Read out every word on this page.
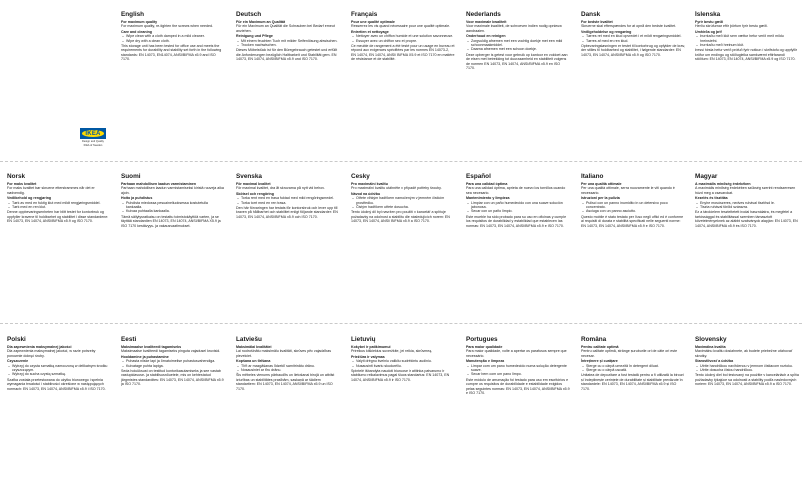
IKEA
Design and Quality
IKEA of Sweden
English
For maximum quality
For maximum quality, re-tighten the screws when needed.
Care and cleaning
– Wipe clean with a cloth damped in a mild cleaner.
– Wipe dry with a clean cloth.
This storage unit has been tested for office use and meets the requirements for durability and stability set forth in the following standards: EN 14073, EN14074, ANSI/BIFMA x5.9 and ISO 7170.
Deutsch
Für ein Maximum an Qualität
Für ein Maximum an Qualität die Schrauben bei Bedarf erneut anziehen.
Reinigung und Pflege
– Mit einem feuchten Tuch mit milder Seifenlösung abwischen.
– Trocken nachwischen.
Dieses Möbelstück ist für den Büregebrauch getestet und erfüllt die Anforderungen bezüglich Haltbarkeit und Stabilität gem. EN 14073, EN 14074, ANSI/BIFMA x5.9 und ISO 7170.
Français
Pour une qualité optimale
Resserrez les vis quand nécessaire pour une qualité optimale.
Entretien et nettoyage
– Nettoyer avec un chiffon humide et une solution savonneuse.
– Essuyer avec un chiffon sec et propre.
Ce meuble de rangement a été testé pour un usage en bureau et répond aux exigences spécifiées par les normes EN 14073-2, EN 14074, EN 14074, ANSI/ BIFMA X5.9 et ISO 7170 en matière de résistance et de stabilité.
Nederlands
Voor maximale kwaliteit
Voor maximale kwaliteit, de schroeven indien nodig opnieuw aandraaien.
Onderhoud en reinigen
– Zorgvuldig afnemen met een vochtig doekje met een mild schoonmaakmiddel.
– Daarna afnemen met een schoon doekje.
Deze opberger is getest voor gebruik op kantoor en voldoet aan de eisen met betrekking tot duurzaamheid en stabiliteit volgens de normen EN 14073, EN 14074, ANSI/BIFMA x5.9 en ISO 7170.
Dansk
For bedste kvalitet
Skruerne skal efterspændes for at opnå den bedste kvalitet.
Vedligeholdelse og rengøring
– Tørres ret med en klud opvredet i et mildt rengøringsmiddel.
– Tørres af med en ren klud.
Opbevaringsløsningen er testet til kontorbrug og opfylder de krav, der stilles til holdbarhed og stabilitet, i følgende standarder: EN 14073, EN 14074, ANSI/BIFMA x5.9 og ISO 7170.
Íslenska
Fyrir bestu gæði
Herðu skrúfurnar eftir þörfum fyrir bestu gæði.
Umhirða og þrif
– Þurrkaðu með klút sem vættur hefur verið með mildu hreinsiefni.
– Þurrkaðu með hreinum klút.
Þessi hirsla hefur verið prófuð fyrir notkun í skrifstofu og uppfyllir kröfur um endingu og stöðugleika samkvæmt eftirfarandi stöðlum: EN 14073, EN 14074, ANSI/BIFMA x5.9 og ISO 7170.
Norsk
For maks kvalitet
For maks kvalitet bør skruene etterstrammes når det er nødvendig.
Vedlikehold og rengjøring
– Tørk av med en fuktig klut med mildt rengjøringsmiddel.
– Tørk med en ren klut.
Denne oppbevaringsenheten har blitt testet for kontorbruk og oppfyller kravene til holdbarhet og stabilitet i disse standardene: EN 14073, EN 14074, ANSI/BIFMA x5.9 og ISO 7170.
Suomi
Parhaan mahdollisen laadun varmistaminen
Parhaan mahdollisen laadun varmistamiseksi kiristä ruuveja aika ajoin.
Hoito ja puhdistus
– Puhdista miedossa pesuaineliuoksessa kostutetulla kankaalla.
– Kuivaa puhtaalla kankaalla.
Tämä säilytysratkaisu on testattu toimistokäyttöä varten, ja se täyttää standardien EN 14073, EN 14074, ANSI/BIFMA X5.9 ja ISO 7170 kestävyys- ja vakausvaatimukset.
Svenska
För maximal kvalitet
För maximal kvalitet, dra åt skruvarna på nytt vid behov.
Skötsel och rengöring
– Torka rent med en trasa fuktad med mild rengöringsmedel.
– Torka torrt med en ren trasa.
Den här förvaringen har testats för kontorsbruk och lever upp till kraven på hållbarhet och stabilitet enligt följande standarder: EN 14073, EN 14074, ANSI/BIFMA x5.9 och ISO 7170.
Česky
Pro maximální kvalitu
Pro maximální kvalitu utáhněte v případě potřeby šrouby.
Návod na údržbu
– Otřete vlhkým hadříkem namočeným v jemném čisticím prostředku.
– Čistým hadříkem utřete dosucha.
Tento úložný díl byl navržen pro použití v kancelář a splňuje požadavky na odolnost a stabilitu dle následujících norem: EN 14073, EN 14074, ANSI/ BIFMA x5.9 a ISO 7170.
Español
Para una calidad óptima
Para una calidad óptima, aprieta de nuevo los tornillos cuando sea necesario.
Mantenimiento y limpieza
– Limpiar con un paño humedecido con una suave solución jabonosa.
– Secar con un paño limpio.
Este mueble ha sido probado para su uso en oficinas y cumple los requisitos de durabilidad y estabilidad que establecen las normas: EN 14073, EN 14074, ANSI/BIFMA x5.9 e ISO 7170.
Italiano
Per una qualità ottimale
Per una qualità ottimale, serra nuovamente le viti quando è necessario.
Istruzioni per la pulizia
– Pulisci con un panno inumidito in un detersivo poco concentrato.
– Asciuga con un panno asciutto.
Questo mobile è stato testato per l'uso negli uffici ed è conforme ai requisiti di durata e stabilità specificati nelle seguenti norme: EN 14073, EN 14074, ANSI/BIFMA x5.9 e ISO 7170.
Magyar
A maximális minőség érdekében
A maximális minőség érdekében szükség szerint rendszeresen húzd meg a csavarokat.
Kezelés és tisztítás
– Enyhe mosószeres, nedves ruhával tisztítsd le.
– Tiszta ruhával töröld szárazra.
Ez a tárolóelem teszteltetett irodai használatra, és megfelel a tartóssággal és stabilitással szemben támasztott követelményeknek az alábbi szabványok alapján: EN 14073, EN 14074, ANSI/BIFMA x5.9 és ISO 7170.
Polski
Dla zapewnienia maksymalnej jakości
Dla zapewnienia maksymalnej jakości, w razie potrzeby ponownie dokręć śruby.
Czyszczenie
– Wytrzyj do czysta szmatką namoczoną w delikatnym środku czyszczącym.
– Wytrzyj do sucha czystą szmatką.
Szafka została przetestowana do użytku biurowego i spełnia wymagania trwałości i stabilności określone w następujących normach: EN 14073, EN 14074, ANSI/BIFMA x5.9 i ISO 7170.
Eesti
Maksimaalse kvaliteedi tagamiseks
Maksimaalse kvaliteedi tagamiseks pinguta vajadusel kruvisid.
Hooldamine ja puhastamine
– Puhasta niiske lapi ja õrnatoimelise puhastusvahendiga.
– Kuivatage puhta lapiga.
Seda hoiuüksust on testitud kontorikasutamiseks ja see vastab vastupidavuse- ja stabiilsusnõuetele, mis on kehtestatud järgmistes standardites: EN 14073, EN 14074, ANSI/BIFMA x5.9 ja ISO 7170.
Latviešu
Maksimālai kvalitātei
Lai nodrošinātu maksimālu kvalitāti, skrūves pēc vajadzības pievelciet.
Kopšana un tīrīšana
– Tīrīt ar mazgāšanas līdzeklī samitrinātu drānu.
– Nosausiniet ar tīru drānu.
Šis mēbeles vienums pārbaudīts un lietošanai birojā un atbilst izturības un stabilitātes prasībām, saskaņā ar šādiem standartiem: EN 14073, EN 14074, ANSI/BIFMA x5.9 un ISO 7170.
Lietuvių
Kokybei ir patikimumui
Prireikus kiškiekius suveržkite, jei reikia, skrūvmeą.
Priežiūra ir valymas
– Valyti drėgnu švelniu valikliu sudrėkintu audiniu.
– Nusausinti švariu skudurėliu.
Spintelė išbandyta naudoti biuruose ir atitinka patvarumo ir stabilumo reikalavimus pagal šiuos standartus: EN 14073, EN 14074, ANSI/BIFMA x5.9 ir ISO 7170.
Portugues
Para maior qualidade
Para maior qualidade, volte a apertar os parafusos sempre que necessário.
Manutenção e limpeza
– Limpar com um pano humedecido numa solução detergente suave.
– Secar bem com um pano limpo.
Este módulo de arrumação foi testado para uso em escritórios e cumpre os requisitos de durabilidade e estabilidade exigidos pelas seguintes normas: EN 14073, EN 14074, ANSI/BIFMA x5.9 e ISO 7170.
Româna
Pentru calitate optimă
Pentru calitate optimă, strânge șuruburile ori de câte ori este necesar.
Întreținere și curățare
– Șterge cu o cârpă umezită în detergent diluat.
– Șterge cu o cârpă uscată.
Unitatea de depozitare a fost testată pentru a fi utilizată la birouri și îndeplinește cerințele de durabilitate și stabilitate prevăzute în standardele: EN 14073, EN 14074, ANSI/BIFMA x5.9 și ISO 7170.
Slovensky
Maximálna kvalita
Maximálnu kvalitu dosiahnete, ak budete priebežne uťahovať skrutky.
Starostlivosť a údržba
– Utrite handričkou navlhčenou v jemnom čistiacom roztoku.
– Utrite dosucha čistou handričkou.
Tento úložný diel bol testovaný na použitie v kanceláriách a spĺňa požiadavky týkajúce sa odolnosti a stability podľa nasledovných noriem: EN 14073, EN 14074, ANSI/BIFMA x5.9 a ISO 7170.
